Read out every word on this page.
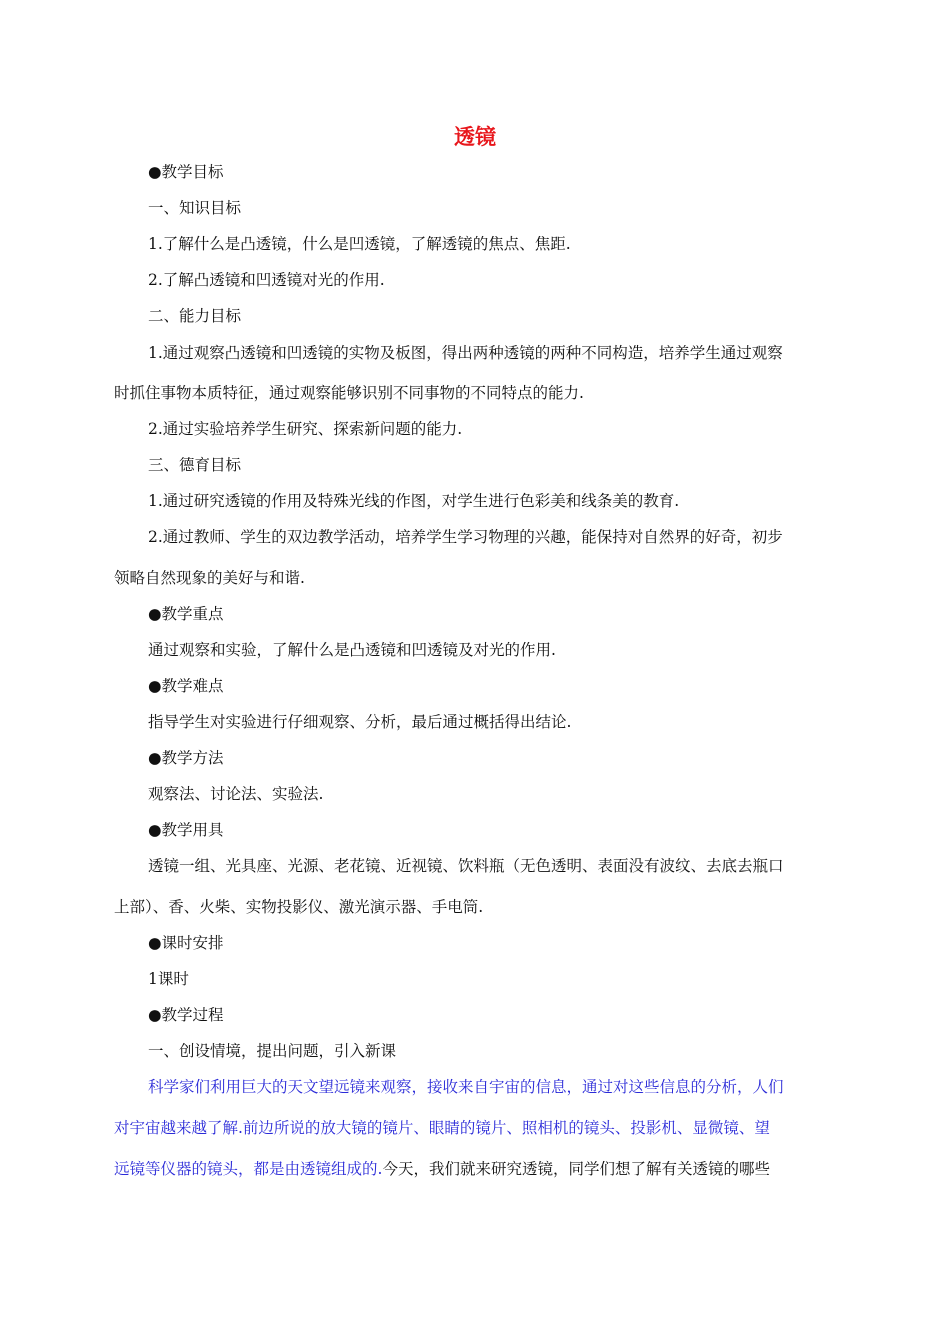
透镜
●教学目标
一、知识目标
1.了解什么是凸透镜，什么是凹透镜，了解透镜的焦点、焦距.
2.了解凸透镜和凹透镜对光的作用.
二、能力目标
1.通过观察凸透镜和凹透镜的实物及板图，得出两种透镜的两种不同构造，培养学生通过观察
时抓住事物本质特征，通过观察能够识别不同事物的不同特点的能力.
2.通过实验培养学生研究、探索新问题的能力.
三、德育目标
1.通过研究透镜的作用及特殊光线的作图，对学生进行色彩美和线条美的教育.
2.通过教师、学生的双边教学活动，培养学生学习物理的兴趣，能保持对自然界的好奇，初步
领略自然现象的美好与和谐.
●教学重点
通过观察和实验，了解什么是凸透镜和凹透镜及对光的作用.
●教学难点
指导学生对实验进行仔细观察、分析，最后通过概括得出结论.
●教学方法
观察法、讨论法、实验法.
●教学用具
透镜一组、光具座、光源、老花镜、近视镜、饮料瓶（无色透明、表面没有波纹、去底去瓶口
上部）、香、火柴、实物投影仪、激光演示器、手电筒.
●课时安排
1课时
●教学过程
一、创设情境，提出问题，引入新课
科学家们利用巨大的天文望远镜来观察，接收来自宇宙的信息，通过对这些信息的分析，人们
对宇宙越来越了解.前边所说的放大镜的镜片、眼睛的镜片、照相机的镜头、投影机、显微镜、望
远镜等仪器的镜头，都是由透镜组成的.今天，我们就来研究透镜，同学们想了解有关透镜的哪些
